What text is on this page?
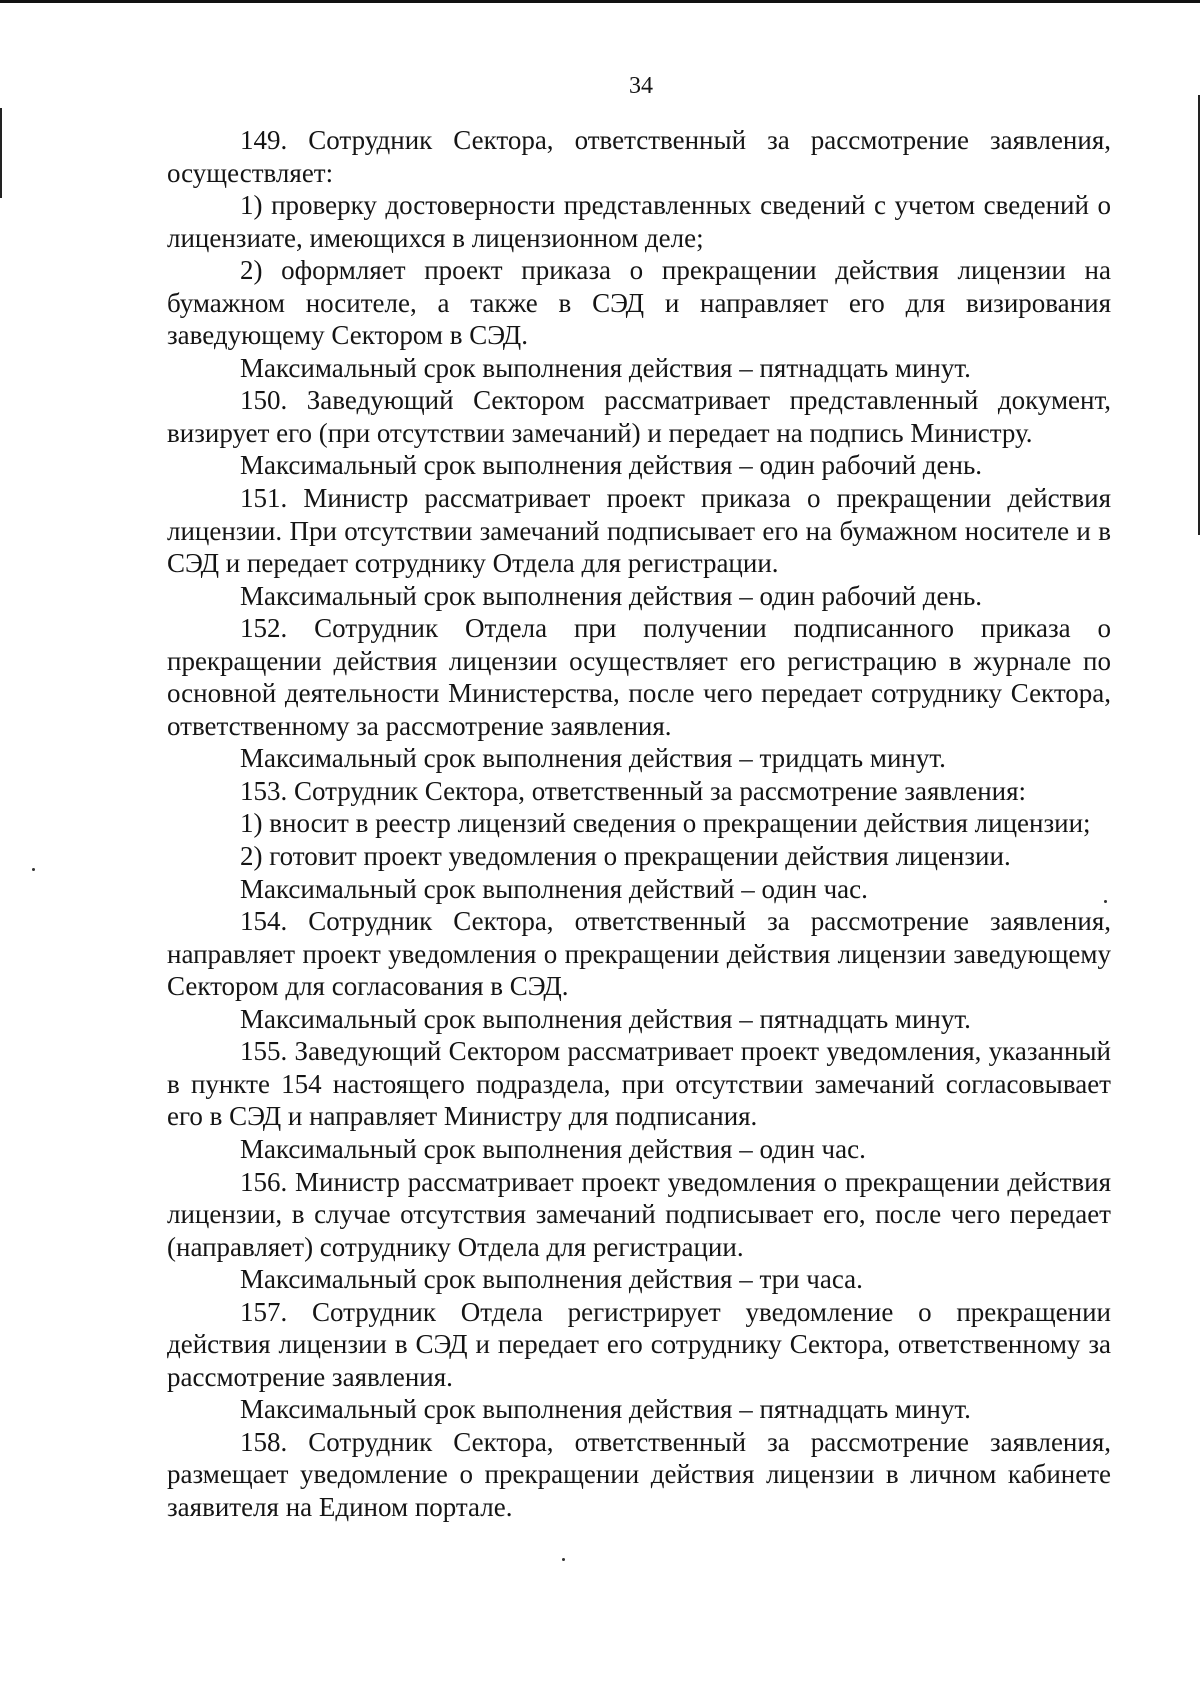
34

149. Сотрудник Сектора, ответственный за рассмотрение заявления, осуществляет:

1) проверку достоверности представленных сведений с учетом сведений о лицензиате, имеющихся в лицензионном деле;

2) оформляет проект приказа о прекращении действия лицензии на бумажном носителе, а также в СЭД и направляет его для визирования заведующему Сектором в СЭД.

Максимальный срок выполнения действия – пятнадцать минут.

150. Заведующий Сектором рассматривает представленный документ, визирует его (при отсутствии замечаний) и передает на подпись Министру.

Максимальный срок выполнения действия – один рабочий день.

151. Министр рассматривает проект приказа о прекращении действия лицензии. При отсутствии замечаний подписывает его на бумажном носителе и в СЭД и передает сотруднику Отдела для регистрации.

Максимальный срок выполнения действия – один рабочий день.

152. Сотрудник Отдела при получении подписанного приказа о прекращении действия лицензии осуществляет его регистрацию в журнале по основной деятельности Министерства, после чего передает сотруднику Сектора, ответственному за рассмотрение заявления.

Максимальный срок выполнения действия – тридцать минут.

153. Сотрудник Сектора, ответственный за рассмотрение заявления:

1) вносит в реестр лицензий сведения о прекращении действия лицензии;

2) готовит проект уведомления о прекращении действия лицензии.

Максимальный срок выполнения действий – один час.

154. Сотрудник Сектора, ответственный за рассмотрение заявления, направляет проект уведомления о прекращении действия лицензии заведующему Сектором для согласования в СЭД.

Максимальный срок выполнения действия – пятнадцать минут.

155. Заведующий Сектором рассматривает проект уведомления, указанный в пункте 154 настоящего подраздела, при отсутствии замечаний согласовывает его в СЭД и направляет Министру для подписания.

Максимальный срок выполнения действия – один час.

156. Министр рассматривает проект уведомления о прекращении действия лицензии, в случае отсутствия замечаний подписывает его, после чего передает (направляет) сотруднику Отдела для регистрации.

Максимальный срок выполнения действия – три часа.

157. Сотрудник Отдела регистрирует уведомление о прекращении действия лицензии в СЭД и передает его сотруднику Сектора, ответственному за рассмотрение заявления.

Максимальный срок выполнения действия – пятнадцать минут.

158. Сотрудник Сектора, ответственный за рассмотрение заявления, размещает уведомление о прекращении действия лицензии в личном кабинете заявителя на Едином портале.
